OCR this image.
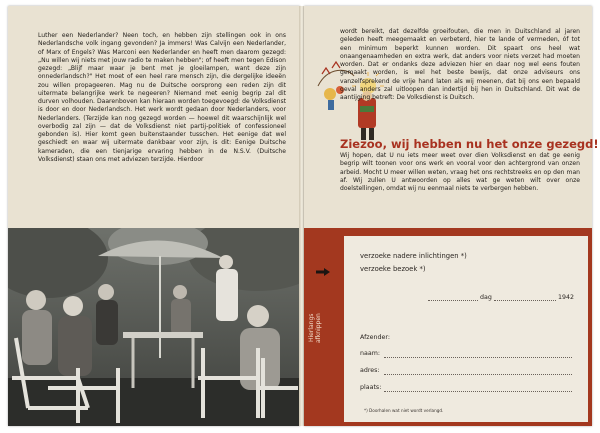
Luther een Nederlander? Neen toch, en hebben zijn stellingen ook in ons Nederlandsche volk ingang gevonden? Ja immers! Was Calvijn een Nederlander, of Marx of Engels? Was Marconi een Nederlander en heeft men daarom gezegd: „Nu willen wij niets met jouw radio te maken hebben"; of heeft men tegen Edison gezegd: „Blijf maar waar je bent met je gloeilampen, want deze zijn onnederlandsch?" Het moet of een heel rare mensch zijn, die dergelijke ideeën zou willen propageeren. Mag nu de Duitsche oorsprong een reden zijn dit uitermate belangrijke werk te negeeren? Niemand met eenig begrip zal dit durven volhouden. Daarenboven kan hieraan worden toegevoegd: de Volksdienst is door en door Nederlandsch. Het werk wordt gedaan door Nederlanders, voor Nederlanders. (Terzijde kan nog gezegd worden — hoewel dit waarschijnlijk wel overbodig zal zijn — dat de Volksdienst niet partij-politiek of confessioneel gebonden is). Hier komt geen buitenstaander tusschen. Het eenige dat wel geschiedt en waar wij uitermate dankbaar voor zijn, is dit: Eenige Duitsche kameraden, die een tienjarige ervaring hebben in de N.S.V. (Duitsche Volksdienst) staan ons met adviezen terzijde. Hierdoor

wordt bereikt, dat dezelfde groeifouten, die men in Duitschland al jaren geleden heeft meegemaakt en verbeterd, hier te lande of vermeden, óf tot een minimum beperkt kunnen worden. Dit spaart ons heel wat onaangenaamheden en extra werk, dat anders voor niets verzet had moeten worden. Dat er ondanks deze adviezen hier en daar nog wel eens fouten gemaakt worden, is wel het beste bewijs, dat onze adviseurs ons vanzelfsprekend de vrije hand laten als wij meenen, dat bij ons een bepaald geval anders zal uitloopen dan indertijd bij hen in Duitschland. Dit wat de aantijging betreft: De Volksdienst is Duitsch.

Ziezoo, wij hebben nu het onze gezegd!

Wij hopen, dat U nu iets meer weet over dien Volksdienst en dat ge eenig begrip wilt toonen voor ons werk en vooral voor den achtergrond van onzen arbeid. Mocht U meer willen weten, vraag het ons rechtstreeks en op den man af. Wij zullen U antwoorden op alles wat ge weten wilt over onze doelstellingen, omdat wij nu eenmaal niets te verbergen hebben.

Hierlangs afknippen

verzoeke nadere inlichtingen *)

verzoeke bezoek *)

dag	1942

Afzender:

naam:

adres:

plaats:

*) Doorhalen wat niet wordt verlangd.
